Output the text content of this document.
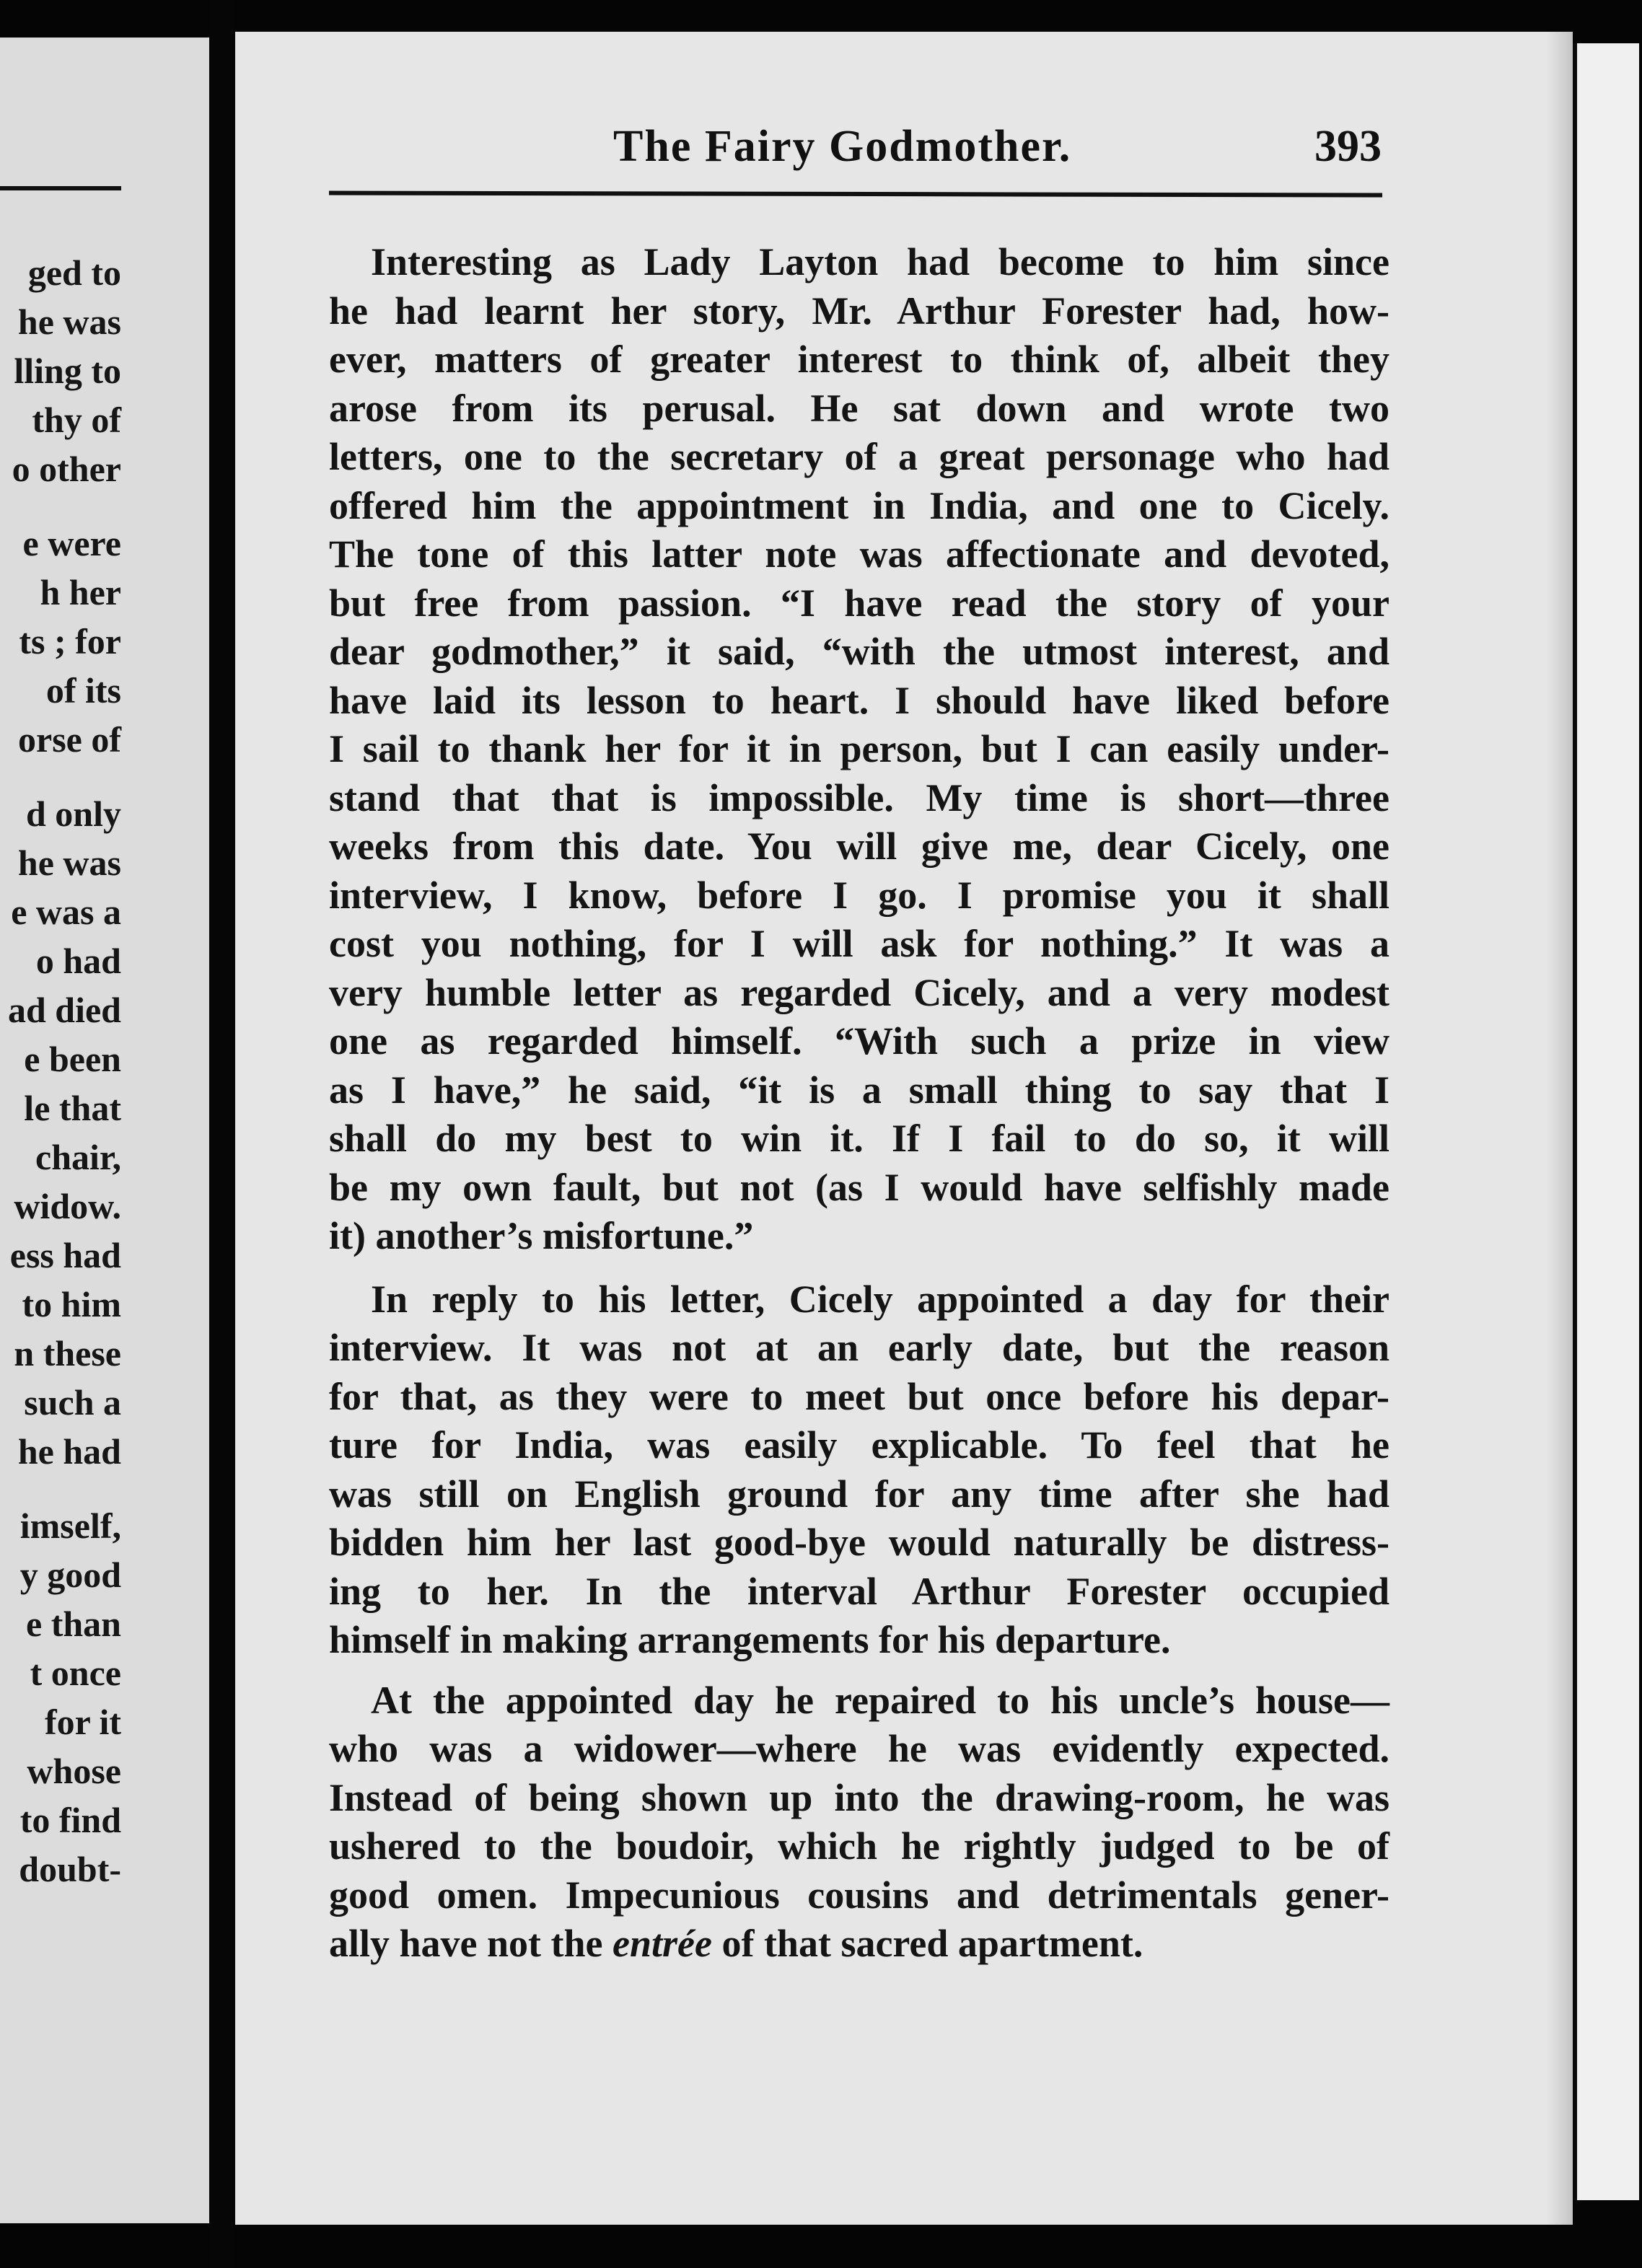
ged to
he was
lling to
thy of
o other
e were
h her
ts ; for
of its
orse of
d only
he was
e was a
o had
ad died
e been
le that
chair,
widow.
ess had
to him
n these
such a
he had
imself,
y good
e than
t once
for it
whose
to find
doubt-
The Fairy Godmother.	393
Interesting as Lady Layton had become to him since
he had learnt her story, Mr. Arthur Forester had, how-
ever, matters of greater interest to think of, albeit they
arose from its perusal. He sat down and wrote two
letters, one to the secretary of a great personage who had
offered him the appointment in India, and one to Cicely.
The tone of this latter note was affectionate and devoted,
but free from passion. “I have read the story of your
dear godmother,” it said, “with the utmost interest, and
have laid its lesson to heart. I should have liked before
I sail to thank her for it in person, but I can easily under-
stand that that is impossible. My time is short—three
weeks from this date. You will give me, dear Cicely, one
interview, I know, before I go. I promise you it shall
cost you nothing, for I will ask for nothing.” It was a
very humble letter as regarded Cicely, and a very modest
one as regarded himself. “With such a prize in view
as I have,” he said, “it is a small thing to say that I
shall do my best to win it. If I fail to do so, it will
be my own fault, but not (as I would have selfishly made
it) another’s misfortune.”
In reply to his letter, Cicely appointed a day for their
interview. It was not at an early date, but the reason
for that, as they were to meet but once before his depar-
ture for India, was easily explicable. To feel that he
was still on English ground for any time after she had
bidden him her last good-bye would naturally be distress-
ing to her. In the interval Arthur Forester occupied
himself in making arrangements for his departure.
At the appointed day he repaired to his uncle’s house—
who was a widower—where he was evidently expected.
Instead of being shown up into the drawing-room, he was
ushered to the boudoir, which he rightly judged to be of
good omen. Impecunious cousins and detrimentals gener-
ally have not the entrée of that sacred apartment.
